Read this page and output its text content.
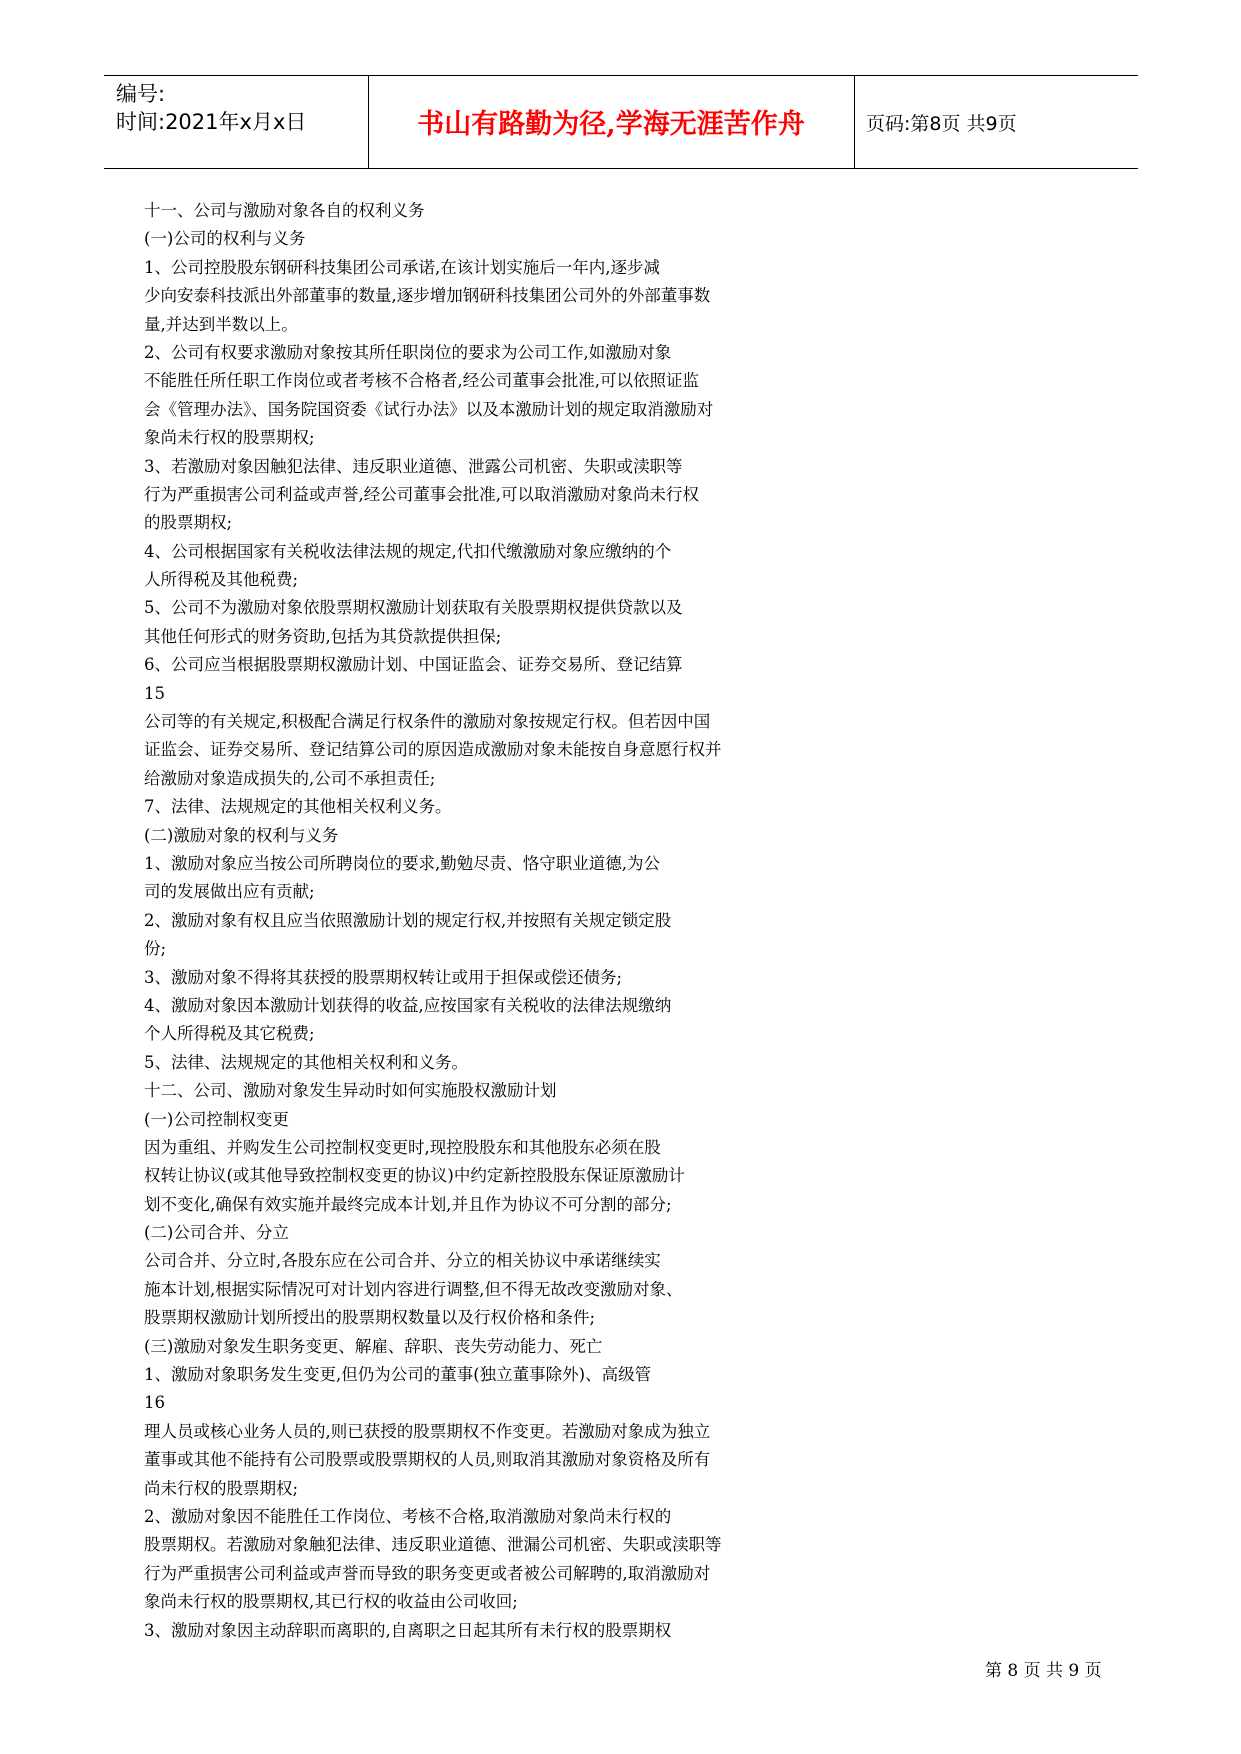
编号:
时间:2021年x月x日	书山有路勤为径,学海无涯苦作舟	页码:第8页 共9页
十一、公司与激励对象各自的权利义务
(一)公司的权利与义务
1、公司控股股东钢研科技集团公司承诺,在该计划实施后一年内,逐步减
少向安泰科技派出外部董事的数量,逐步增加钢研科技集团公司外的外部董事数
量,并达到半数以上。
2、公司有权要求激励对象按其所任职岗位的要求为公司工作,如激励对象
不能胜任所任职工作岗位或者考核不合格者,经公司董事会批准,可以依照证监
会《管理办法》、国务院国资委《试行办法》以及本激励计划的规定取消激励对
象尚未行权的股票期权;
3、若激励对象因触犯法律、违反职业道德、泄露公司机密、失职或渎职等
行为严重损害公司利益或声誉,经公司董事会批准,可以取消激励对象尚未行权
的股票期权;
4、公司根据国家有关税收法律法规的规定,代扣代缴激励对象应缴纳的个
人所得税及其他税费;
5、公司不为激励对象依股票期权激励计划获取有关股票期权提供贷款以及
其他任何形式的财务资助,包括为其贷款提供担保;
6、公司应当根据股票期权激励计划、中国证监会、证券交易所、登记结算
15
公司等的有关规定,积极配合满足行权条件的激励对象按规定行权。但若因中国
证监会、证券交易所、登记结算公司的原因造成激励对象未能按自身意愿行权并
给激励对象造成损失的,公司不承担责任;
7、法律、法规规定的其他相关权利义务。
(二)激励对象的权利与义务
1、激励对象应当按公司所聘岗位的要求,勤勉尽责、恪守职业道德,为公
司的发展做出应有贡献;
2、激励对象有权且应当依照激励计划的规定行权,并按照有关规定锁定股
份;
3、激励对象不得将其获授的股票期权转让或用于担保或偿还债务;
4、激励对象因本激励计划获得的收益,应按国家有关税收的法律法规缴纳
个人所得税及其它税费;
5、法律、法规规定的其他相关权利和义务。
十二、公司、激励对象发生异动时如何实施股权激励计划
(一)公司控制权变更
因为重组、并购发生公司控制权变更时,现控股股东和其他股东必须在股
权转让协议(或其他导致控制权变更的协议)中约定新控股股东保证原激励计
划不变化,确保有效实施并最终完成本计划,并且作为协议不可分割的部分;
(二)公司合并、分立
公司合并、分立时,各股东应在公司合并、分立的相关协议中承诺继续实
施本计划,根据实际情况可对计划内容进行调整,但不得无故改变激励对象、
股票期权激励计划所授出的股票期权数量以及行权价格和条件;
(三)激励对象发生职务变更、解雇、辞职、丧失劳动能力、死亡
1、激励对象职务发生变更,但仍为公司的董事(独立董事除外)、高级管
16
理人员或核心业务人员的,则已获授的股票期权不作变更。若激励对象成为独立
董事或其他不能持有公司股票或股票期权的人员,则取消其激励对象资格及所有
尚未行权的股票期权;
2、激励对象因不能胜任工作岗位、考核不合格,取消激励对象尚未行权的
股票期权。若激励对象触犯法律、违反职业道德、泄漏公司机密、失职或渎职等
行为严重损害公司利益或声誉而导致的职务变更或者被公司解聘的,取消激励对
象尚未行权的股票期权,其已行权的收益由公司收回;
3、激励对象因主动辞职而离职的,自离职之日起其所有未行权的股票期权
第 8 页 共 9 页
